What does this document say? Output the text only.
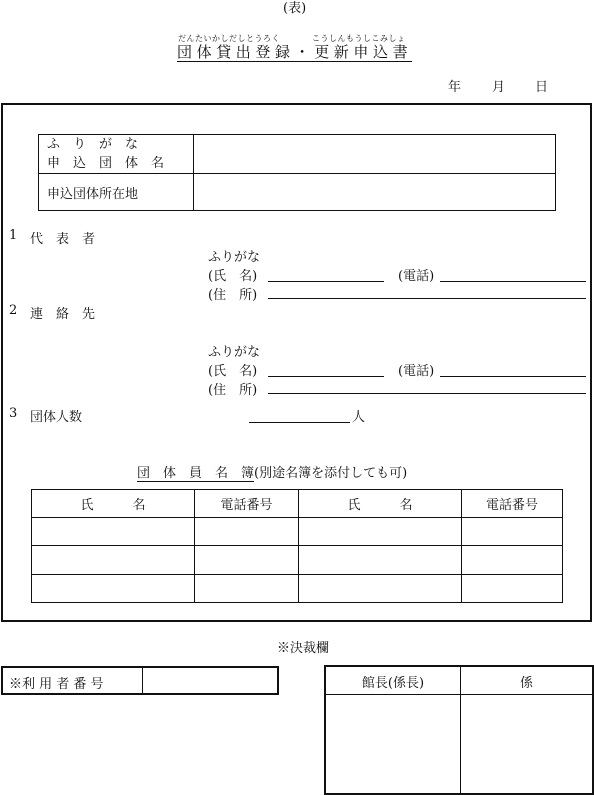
(表)
だんたいかしだしとうろく	こうしんもうしこみしょ
団体貸出登録・更新申込書
年 月 日
ふ　り　が　な
申　込　団　体　名	

申込団体所在地	
1 代　表　者
ふりがな
(氏　名)	(電話)
(住　所)
2 連　絡　先
ふりがな
(氏　名)	(電話)
(住　所)
3 団体人数	人
団　体　員　名　簿(別途名簿を添付しても可)
氏　　　名	電話番号	氏　　　名	電話番号

※決裁欄
※利 用 者 番 号	館長(係長)	係
